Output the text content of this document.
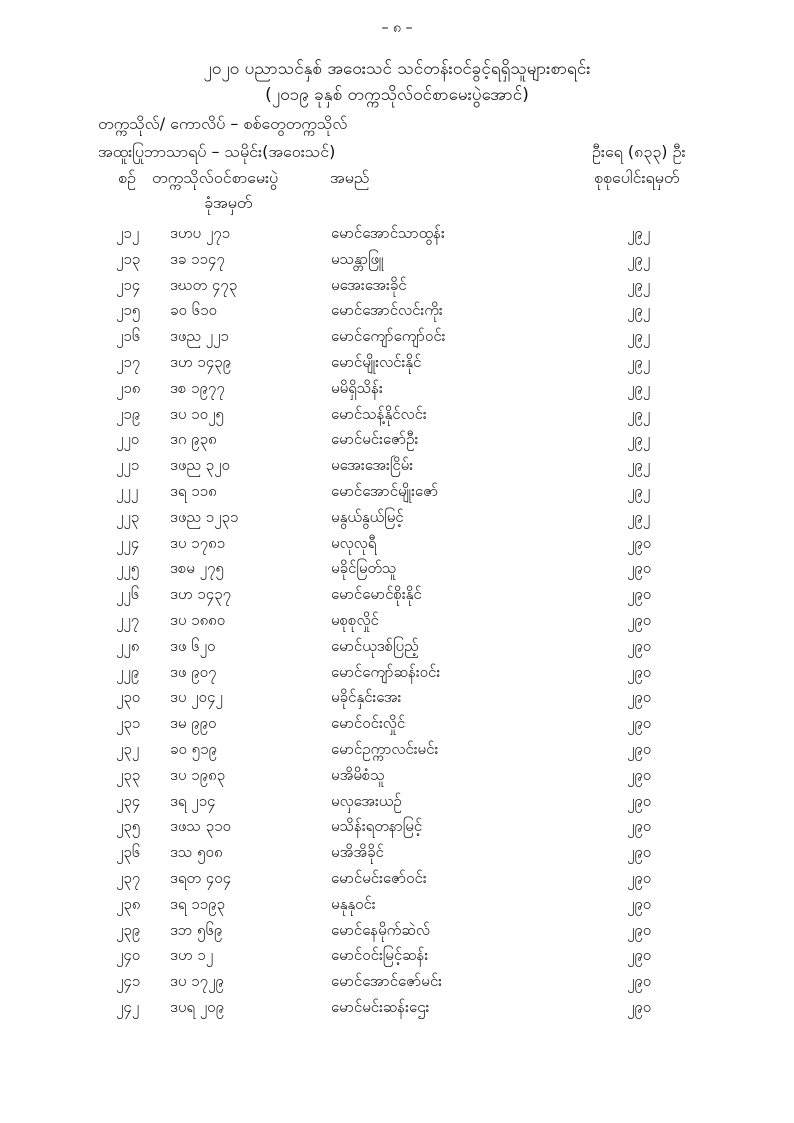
– ၈ –
၂၀၂၀ ပညာသင်နှစ် အဝေးသင် သင်တန်းဝင်ခွင့်ရရှိသူများစာရင်း
(၂၀၁၉ ခုနှစ် တက္ကသိုလ်ဝင်စာမေးပွဲအောင်)
တက္ကသိုလ်/ ကောလိပ် – စစ်တွေတက္ကသိုလ်
အထူးပြုဘာသာရပ် – သမိုင်း(အဝေးသင်)	ဦးရေ (၈၃၃) ဦး
စဉ် တက္ကသိုလ်ဝင်စာမေးပွဲ
ခုံအမှတ်
အမည်	စုစုပေါင်းရမှတ်
၂၁၂ ဒဟပ ၂၇၁	မောင်အောင်သာထွန်း	၂၉၂
၂၁၃ ဒခ ၁၁၄၇	မသန္တာဖြူ	၂၉၂
၂၁၄ ဒဃတ ၄၇၃	မအေးအေးခိုင်	၂၉၂
၂၁၅ ခဝ ၆၁၀	မောင်အောင်လင်းကိုး	၂၉၂
၂၁၆ ဒဖည ၂၂၁	မောင်ကျော်ကျော်ဝင်း	၂၉၂
၂၁၇ ဒဟ ၁၄၃၉	မောင်မျိုးလင်းနိုင်	၂၉၂
၂၁၈ ဒစ ၁၉၇၇	မမိရှိသိန်း	၂၉၂
၂၁၉ ဒပ ၁၀၂၅	မောင်သန့်နိုင်လင်း	၂၉၂
၂၂၀ ဒဂ ၉၃၈	မောင်မင်းဇော်ဦး	၂၉၂
၂၂၁ ဒဖည ၃၂၀	မအေးအေးငြိမ်း	၂၉၂
၂၂၂ ဒရ ၁၁၈	မောင်အောင်မျိုးဇော်	၂၉၂
၂၂၃ ဒဖည ၁၂၃၁	မနွယ်နွယ်မြင့်	၂၉၂
၂၂၄ ဒပ ၁၇၈၁	မလုလုရီ	၂၉၀
၂၂၅ ဒစမ ၂၇၅	မခိုင်မြတ်သူ	၂၉၀
၂၂၆ ဒဟ ၁၄၃၇	မောင်မောင်စိုးနိုင်	၂၉၀
၂၂၇ ဒပ ၁၈၈၀	မစုစုလှိုင်	၂၉၀
၂၂၈ ဒဖ ၆၂၀	မောင်ယုဒစ်ပြည့်	၂၉၀
၂၂၉ ဒဖ ၉၀၇	မောင်ကျော်ဆန်းဝင်း	၂၉၀
၂၃၀ ဒပ ၂၀၄၂	မခိုင်နှင်းအေး	၂၉၀
၂၃၁ ဒမ ၉၉၀	မောင်ဝင်းလှိုင်	၂၉၀
၂၃၂ ခဝ ၅၁၉	မောင်ဥက္ကာလင်းမင်း	၂၉၀
၂၃၃ ဒပ ၁၉၈၃	မအိမိစံသူ	၂၉၀
၂၃၄ ဒရ ၂၁၄	မလှအေးယဉ်	၂၉၀
၂၃၅ ဒဖသ ၃၁၀	မသိန်းရတနာမြင့်	၂၉၀
၂၃၆ ဒသ ၅၀၈	မအိအိခိုင်	၂၉၀
၂၃၇ ဒရတ ၄၀၄	မောင်မင်းဇော်ဝင်း	၂၉၀
၂၃၈ ဒရ ၁၁၉၃	မနုနုဝင်း	၂၉၀
၂၃၉ ဒဘ ၅၆၉	မောင်နေမိုက်ဆဲလ်	၂၉၀
၂၄၀ ဒဟ ၁၂	မောင်ဝင်းမြင့်ဆန်း	၂၉၀
၂၄၁ ဒပ ၁၇၂၉	မောင်အောင်ဇော်မင်း	၂၉၀
၂၄၂ ဒပရ ၂၀၉	မောင်မင်းဆန်းဌေး	၂၉၀
